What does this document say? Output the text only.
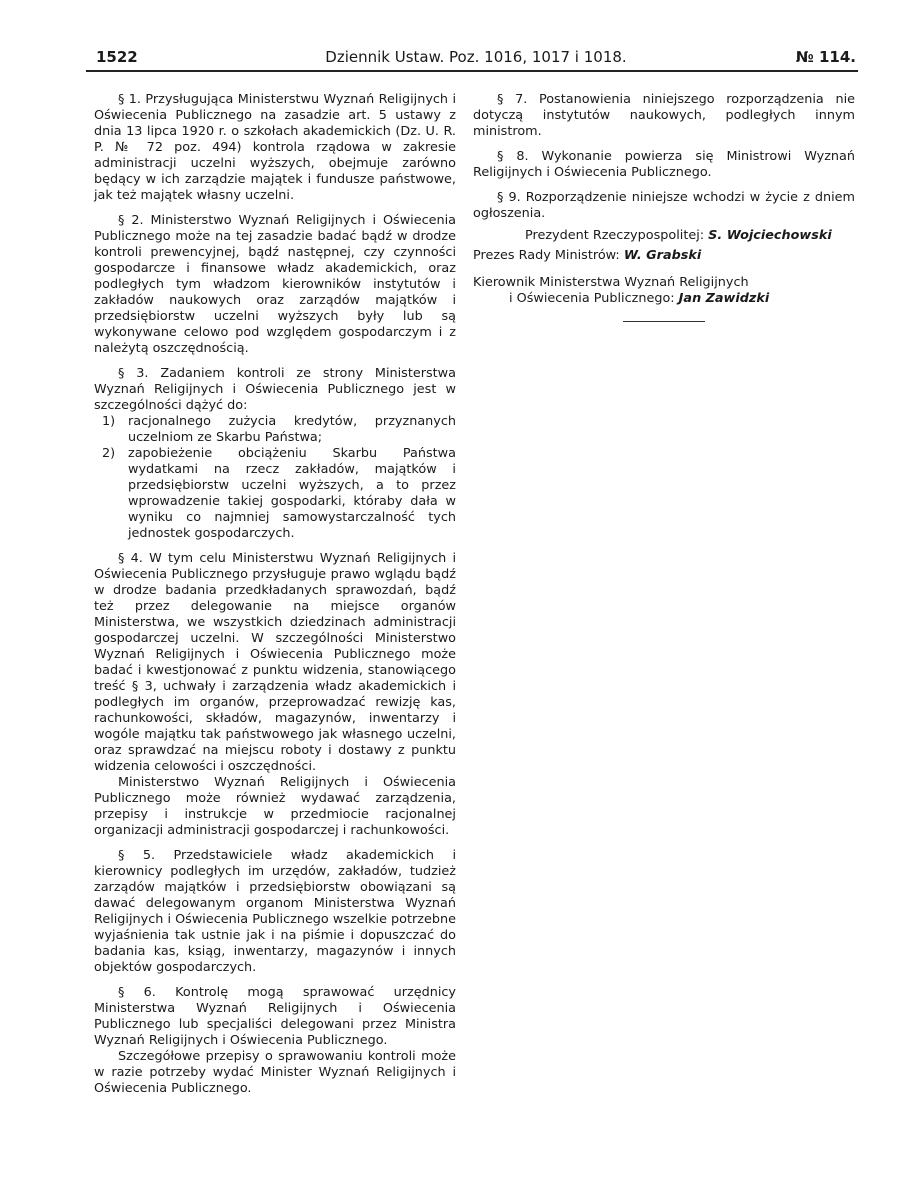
1522	Dziennik Ustaw. Poz. 1016, 1017 i 1018.	№ 114.

§ 1. Przysługująca Ministerstwu Wyznań Religijnych i Oświecenia Publicznego na zasadzie art. 5 ustawy z dnia 13 lipca 1920 r. o szkołach akademickich (Dz. U. R. P. № 72 poz. 494) kontrola rządowa w zakresie administracji uczelni wyższych, obejmuje zarówno będący w ich zarządzie majątek i fundusze państwowe, jak też majątek własny uczelni.

§ 2. Ministerstwo Wyznań Religijnych i Oświecenia Publicznego może na tej zasadzie badać bądź w drodze kontroli prewencyjnej, bądź następnej, czy czynności gospodarcze i finansowe władz akademickich, oraz podległych tym władzom kierowników instytutów i zakładów naukowych oraz zarządów majątków i przedsiębiorstw uczelni wyższych były lub są wykonywane celowo pod względem gospodarczym i z należytą oszczędnością.

§ 3. Zadaniem kontroli ze strony Ministerstwa Wyznań Religijnych i Oświecenia Publicznego jest w szczególności dążyć do:

1) racjonalnego zużycia kredytów, przyznanych uczelniom ze Skarbu Państwa;

2) zapobieżenie obciążeniu Skarbu Państwa wydatkami na rzecz zakładów, majątków i przedsiębiorstw uczelni wyższych, a to przez wprowadzenie takiej gospodarki, któraby dała w wyniku co najmniej samowystarczalność tych jednostek gospodarczych.

§ 4. W tym celu Ministerstwu Wyznań Religijnych i Oświecenia Publicznego przysługuje prawo wglądu bądź w drodze badania przedkładanych sprawozdań, bądź też przez delegowanie na miejsce organów Ministerstwa, we wszystkich dziedzinach administracji gospodarczej uczelni. W szczególności Ministerstwo Wyznań Religijnych i Oświecenia Publicznego może badać i kwestjonować z punktu widzenia, stanowiącego treść § 3, uchwały i zarządzenia władz akademickich i podległych im organów, przeprowadzać rewizję kas, rachunkowości, składów, magazynów, inwentarzy i wogóle majątku tak państwowego jak własnego uczelni, oraz sprawdzać na miejscu roboty i dostawy z punktu widzenia celowości i oszczędności.

Ministerstwo Wyznań Religijnych i Oświecenia Publicznego może również wydawać zarządzenia, przepisy i instrukcje w przedmiocie racjonalnej organizacji administracji gospodarczej i rachunkowości.

§ 5. Przedstawiciele władz akademickich i kierownicy podległych im urzędów, zakładów, tudzież zarządów majątków i przedsiębiorstw obowiązani są dawać delegowanym organom Ministerstwa Wyznań Religijnych i Oświecenia Publicznego wszelkie potrzebne wyjaśnienia tak ustnie jak i na piśmie i dopuszczać do badania kas, ksiąg, inwentarzy, magazynów i innych objektów gospodarczych.

§ 6. Kontrolę mogą sprawować urzędnicy Ministerstwa Wyznań Religijnych i Oświecenia Publicznego lub specjaliści delegowani przez Ministra Wyznań Religijnych i Oświecenia Publicznego.

Szczegółowe przepisy o sprawowaniu kontroli może w razie potrzeby wydać Minister Wyznań Religijnych i Oświecenia Publicznego.

§ 7. Postanowienia niniejszego rozporządzenia nie dotyczą instytutów naukowych, podległych innym ministrom.

§ 8. Wykonanie powierza się Ministrowi Wyznań Religijnych i Oświecenia Publicznego.

§ 9. Rozporządzenie niniejsze wchodzi w życie z dniem ogłoszenia.

Prezydent Rzeczypospolitej: S. Wojciechowski

Prezes Rady Ministrów: W. Grabski

Kierownik Ministerstwa Wyznań Religijnych

i Oświecenia Publicznego: Jan Zawidzki
